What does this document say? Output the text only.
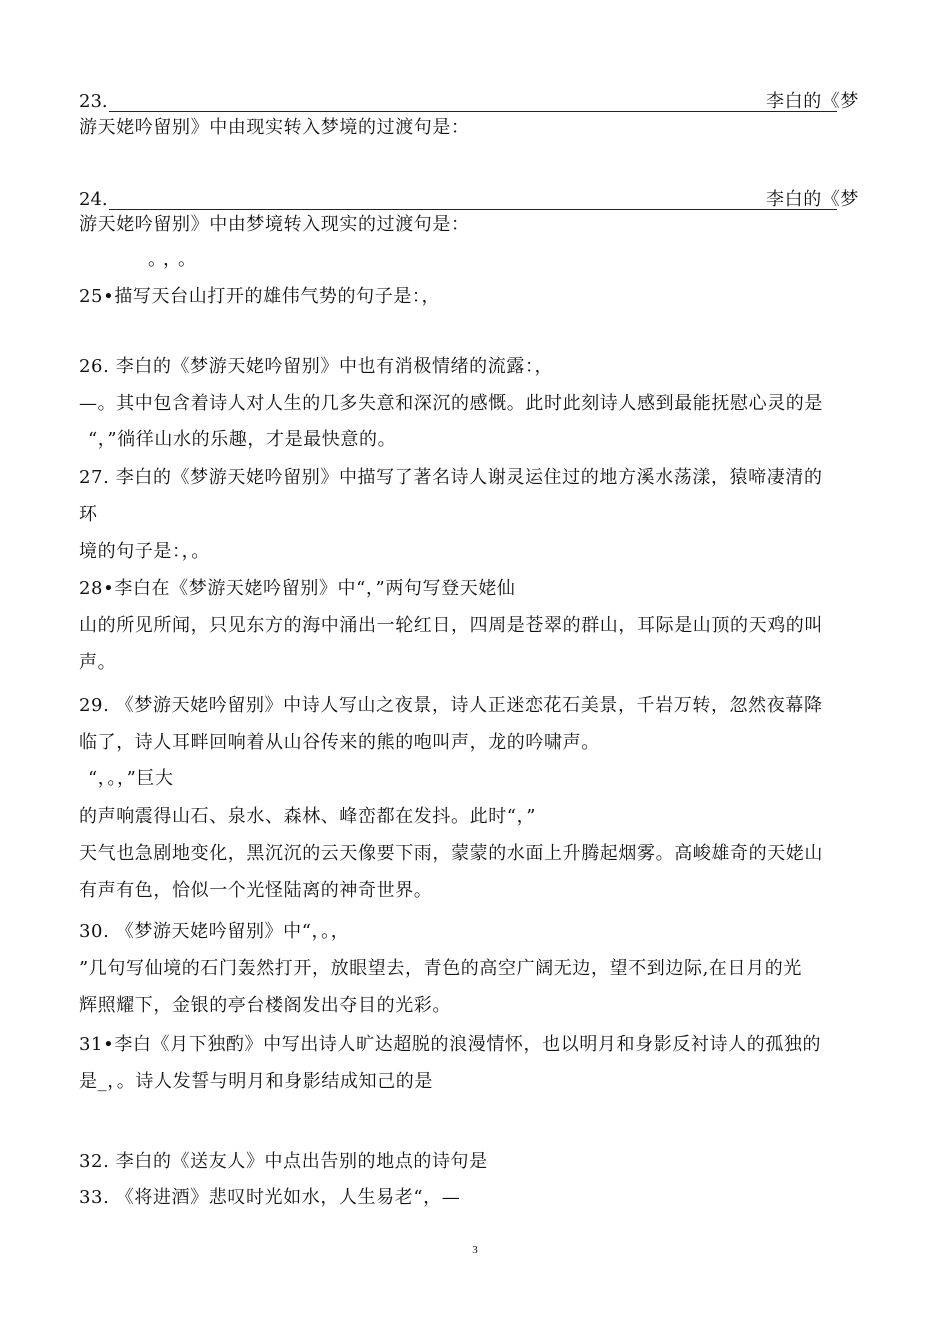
23.	李白的《梦
游天姥吟留别》中由现实转入梦境的过渡句是：
24.	李白的《梦
游天姥吟留别》中由梦境转入现实的过渡句是：
。，。
25•描写天台山打开的雄伟气势的句子是：，
26. 李白的《梦游天姥吟留别》中也有消极情绪的流露：，
—。其中包含着诗人对人生的几多失意和深沉的感慨。此时此刻诗人感到最能抚慰心灵的是
“，”徜徉山水的乐趣，才是最快意的。
27. 李白的《梦游天姥吟留别》中描写了著名诗人谢灵运住过的地方溪水荡漾，猿啼凄清的
环
境的句子是：，。
28•李白在《梦游天姥吟留别》中“，”两句写登天姥仙
山的所见所闻，只见东方的海中涌出一轮红日，四周是苍翠的群山，耳际是山顶的天鸡的叫
声。
29. 《梦游天姥吟留别》中诗人写山之夜景，诗人正迷恋花石美景，千岩万转，忽然夜幕降
临了，诗人耳畔回响着从山谷传来的熊的咆叫声，龙的吟啸声。
“，。，”巨大
的声响震得山石、泉水、森林、峰峦都在发抖。此时“，”
天气也急剧地变化，黑沉沉的云天像要下雨，蒙蒙的水面上升腾起烟雾。高峻雄奇的天姥山
有声有色，恰似一个光怪陆离的神奇世界。
30. 《梦游天姥吟留别》中“，。，
”几句写仙境的石门轰然打开，放眼望去，青色的高空广阔无边，望不到边际,在日月的光
辉照耀下，金银的亭台楼阁发出夺目的光彩。
31•李白《月下独酌》中写出诗人旷达超脱的浪漫情怀，也以明月和身影反衬诗人的孤独的
是_，。诗人发誓与明月和身影结成知己的是
32. 李白的《送友人》中点出告别的地点的诗句是
33. 《将进酒》悲叹时光如水，人生易老“，—
3
